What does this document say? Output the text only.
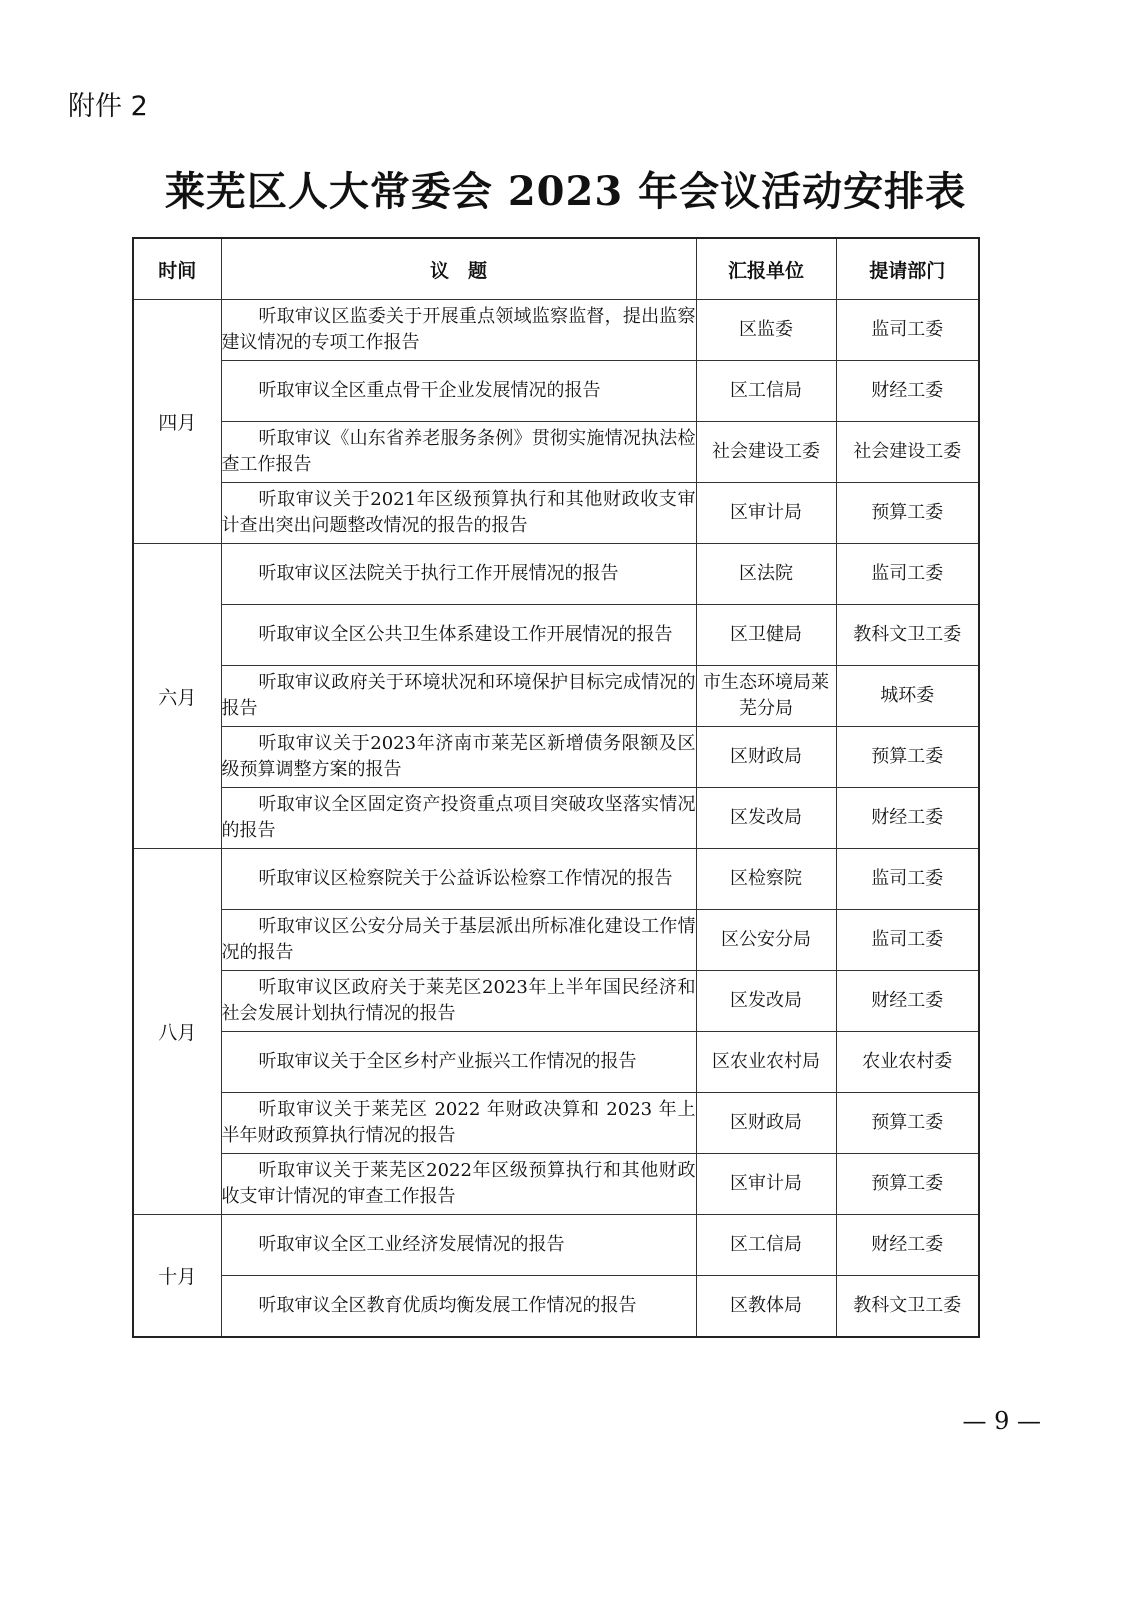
附件 2
莱芜区人大常委会 2023 年会议活动安排表
时间	议　题	汇报单位	提请部门
四月	听取审议区监委关于开展重点领域监察监督，提出监察建议情况的专项工作报告	区监委	监司工委

	听取审议全区重点骨干企业发展情况的报告	区工信局	财经工委

	听取审议《山东省养老服务条例》贯彻实施情况执法检查工作报告	社会建设工委	社会建设工委

	听取审议关于2021年区级预算执行和其他财政收支审计查出突出问题整改情况的报告的报告	区审计局	预算工委
六月	听取审议区法院关于执行工作开展情况的报告	区法院	监司工委

	听取审议全区公共卫生体系建设工作开展情况的报告	区卫健局	教科文卫工委

	听取审议政府关于环境状况和环境保护目标完成情况的报告	市生态环境局莱芜分局	城环委

	听取审议关于2023年济南市莱芜区新增债务限额及区级预算调整方案的报告	区财政局	预算工委

	听取审议全区固定资产投资重点项目突破攻坚落实情况的报告	区发改局	财经工委
八月	听取审议区检察院关于公益诉讼检察工作情况的报告	区检察院	监司工委

	听取审议区公安分局关于基层派出所标准化建设工作情况的报告	区公安分局	监司工委

	听取审议区政府关于莱芜区2023年上半年国民经济和社会发展计划执行情况的报告	区发改局	财经工委

	听取审议关于全区乡村产业振兴工作情况的报告	区农业农村局	农业农村委

	听取审议关于莱芜区 2022 年财政决算和 2023 年上半年财政预算执行情况的报告	区财政局	预算工委

	听取审议关于莱芜区2022年区级预算执行和其他财政收支审计情况的审查工作报告	区审计局	预算工委
十月	听取审议全区工业经济发展情况的报告	区工信局	财经工委

	听取审议全区教育优质均衡发展工作情况的报告	区教体局	教科文卫工委
— 9 —
